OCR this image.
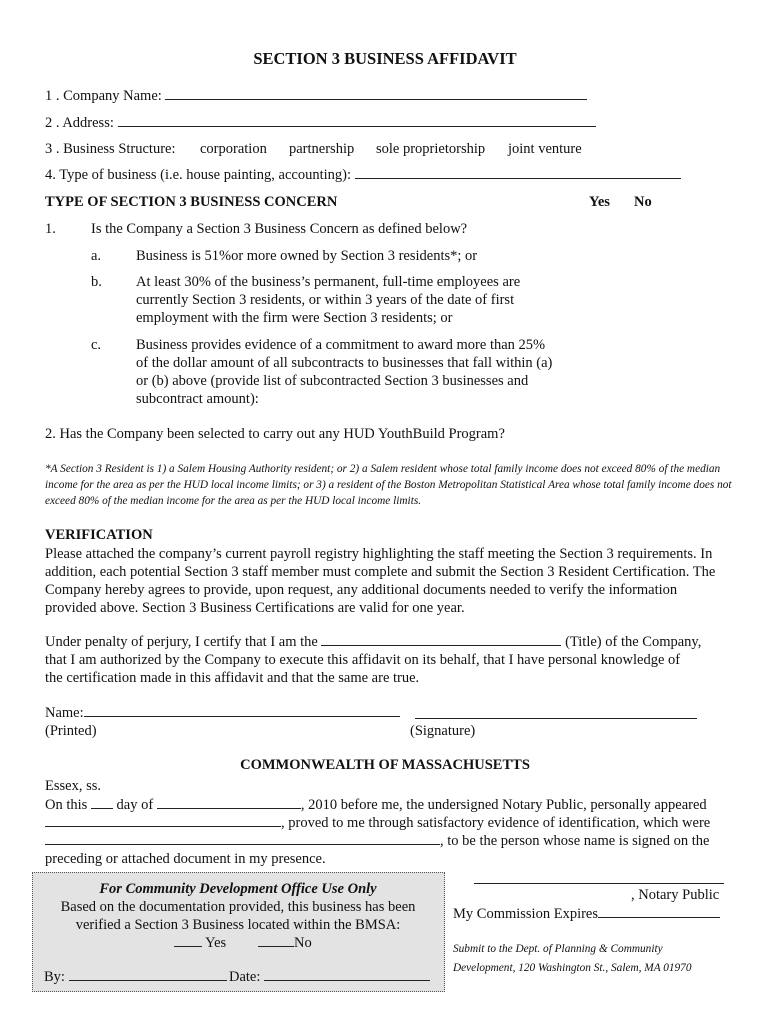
SECTION 3 BUSINESS AFFIDAVIT
1 . Company Name:
2 . Address:
3 . Business Structure: corporation partnership sole proprietorship joint venture
4. Type of business (i.e. house painting, accounting):
TYPE OF SECTION 3 BUSINESS CONCERN	Yes No
1. Is the Company a Section 3 Business Concern as defined below?
a. Business is 51%or more owned by Section 3 residents*; or
b. At least 30% of the business’s permanent, full-time employees are currently Section 3 residents, or within 3 years of the date of first employment with the firm were Section 3 residents; or
c. Business provides evidence of a commitment to award more than 25% of the dollar amount of all subcontracts to businesses that fall within (a) or (b) above (provide list of subcontracted Section 3 businesses and subcontract amount):
2. Has the Company been selected to carry out any HUD YouthBuild Program?
*A Section 3 Resident is 1) a Salem Housing Authority resident; or 2) a Salem resident whose total family income does not exceed 80% of the median income for the area as per the HUD local income limits; or 3) a resident of the Boston Metropolitan Statistical Area whose total family income does not exceed 80% of the median income for the area as per the HUD local income limits.
VERIFICATION
Please attached the company’s current payroll registry highlighting the staff meeting the Section 3 requirements. In addition, each potential Section 3 staff member must complete and submit the Section 3 Resident Certification. The Company hereby agrees to provide, upon request, any additional documents needed to verify the information provided above. Section 3 Business Certifications are valid for one year.
Under penalty of perjury, I certify that I am the	(Title) of the Company,
that I am authorized by the Company to execute this affidavit on its behalf, that I have personal knowledge of
the certification made in this affidavit and that the same are true.
Name:
(Printed)	(Signature)
COMMONWEALTH OF MASSACHUSETTS
Essex, ss.
On this day of	, 2010 before me, the undersigned Notary Public, personally appeared
, proved to me through satisfactory evidence of identification, which were
, to be the person whose name is signed on the
preceding or attached document in my presence.
For Community Development Office Use Only
Based on the documentation provided, this business has been
verified a Section 3 Business located within the BMSA:
Yes	No
By:	Date:
, Notary Public
My Commission Expires
Submit to the Dept. of Planning & Community
Development, 120 Washington St., Salem, MA 01970
